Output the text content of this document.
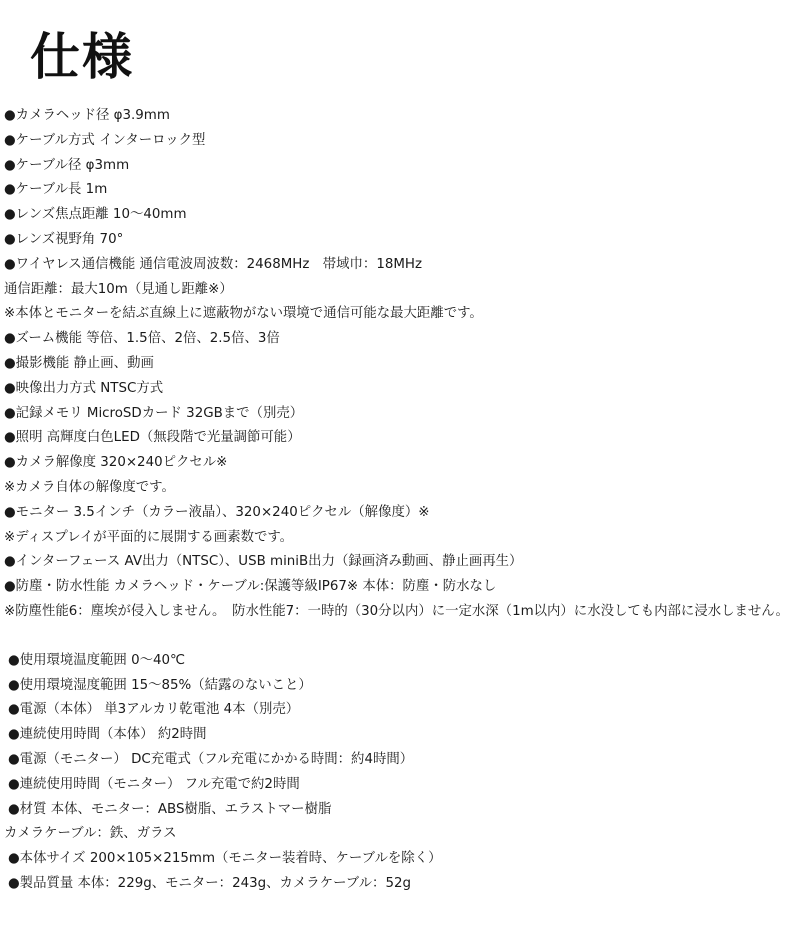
仕様
●カメラヘッド径 φ3.9mm
●ケーブル方式 インターロック型
●ケーブル径 φ3mm
●ケーブル長 1m
●レンズ焦点距離 10～40mm
●レンズ視野角 70°
●ワイヤレス通信機能 通信電波周波数：2468MHz　帯域巾：18MHz
通信距離：最大10m（見通し距離※）
※本体とモニターを結ぶ直線上に遮蔽物がない環境で通信可能な最大距離です。
●ズーム機能 等倍、1.5倍、2倍、2.5倍、3倍
●撮影機能 静止画、動画
●映像出力方式 NTSC方式
●記録メモリ MicroSDカード 32GBまで（別売）
●照明 高輝度白色LED（無段階で光量調節可能）
●カメラ解像度 320×240ピクセル※
※カメラ自体の解像度です。
●モニター 3.5インチ（カラー液晶）、320×240ピクセル（解像度）※
※ディスプレイが平面的に展開する画素数です。
●インターフェース AV出力（NTSC）、USB miniB出力（録画済み動画、静止画再生）
●防塵・防水性能 カメラヘッド・ケーブル:保護等級IP67※ 本体：防塵・防水なし
※防塵性能6：塵埃が侵入しません。　防水性能7：一時的（30分以内）に一定水深（1m以内）に水没しても内部に浸水しません。
●使用環境温度範囲 0～40℃
●使用環境湿度範囲 15～85%（結露のないこと）
●電源（本体） 単3アルカリ乾電池 4本（別売）
●連続使用時間（本体） 約2時間
●電源（モニター） DC充電式（フル充電にかかる時間：約4時間）
●連続使用時間（モニター） フル充電で約2時間
●材質 本体、モニター：ABS樹脂、エラストマー樹脂
カメラケーブル：鉄、ガラス
●本体サイズ 200×105×215mm（モニター装着時、ケーブルを除く）
●製品質量 本体：229g、モニター：243g、カメラケーブル：52g
